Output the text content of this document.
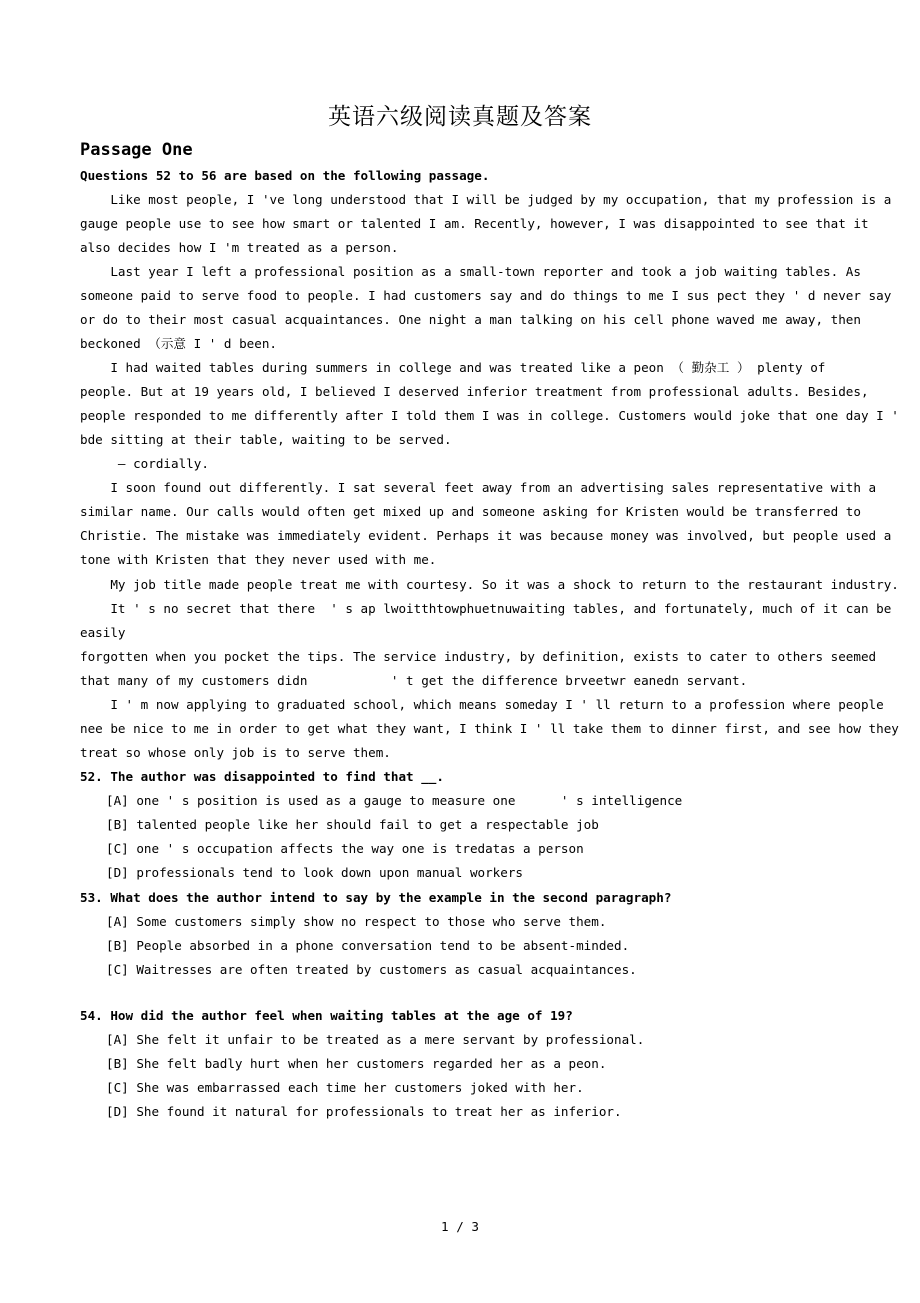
英语六级阅读真题及答案
Passage One
Questions 52 to 56 are based on the following passage.
Like most people, I 've long understood that I will be judged by my occupation, that my profession is a
gauge people use to see how smart or talented I am. Recently, however, I was disappointed to see that it
also decides how I 'm treated as a person.
Last year I left a professional position as a small-town reporter and took a job waiting tables. As
someone paid to serve food to people. I had customers say and do things to me I sus pect they ' d never say
or do to their most casual acquaintances. One night a man talking on his cell phone waved me away, then
beckoned （示意 I ' d been.
I had waited tables during summers in college and was treated like a peon （ 勤杂工 ） plenty of
people. But at 19 years old, I believed I deserved inferior treatment from professional adults. Besides,
people responded to me differently after I told them I was in college. Customers would joke that one day I '
bde sitting at their table, waiting to be served.
— cordially.
I soon found out differently. I sat several feet away from an advertising sales representative with a
similar name. Our calls would often get mixed up and someone asking for Kristen would be transferred to
Christie. The mistake was immediately evident. Perhaps it was because money was involved, but people used a
tone with Kristen that they never used with me.
My job title made people treat me with courtesy. So it was a shock to return to the restaurant industry.
It ' s no secret that there  ' s ap lwoitthtowphuetnuwaiting tables, and fortunately, much of it can be
easily
forgotten when you pocket the tips. The service industry, by definition, exists to cater to others seemed
that many of my customers didn           ' t get the difference brveetwr eanedn servant.
I ' m now applying to graduated school, which means someday I ' ll return to a profession where people
nee be nice to me in order to get what they want, I think I ' ll take them to dinner first, and see how they
treat so whose only job is to serve them.
52. The author was disappointed to find that __.
[A] one ' s position is used as a gauge to measure one      ' s intelligence
[B] talented people like her should fail to get a respectable job
[C] one ' s occupation affects the way one is tredatas a person
[D] professionals tend to look down upon manual workers
53. What does the author intend to say by the example in the second paragraph?
[A] Some customers simply show no respect to those who serve them.
[B] People absorbed in a phone conversation tend to be absent-minded.
[C] Waitresses are often treated by customers as casual acquaintances.
54. How did the author feel when waiting tables at the age of 19?
[A] She felt it unfair to be treated as a mere servant by professional.
[B] She felt badly hurt when her customers regarded her as a peon.
[C] She was embarrassed each time her customers joked with her.
[D] She found it natural for professionals to treat her as inferior.
1 / 3
